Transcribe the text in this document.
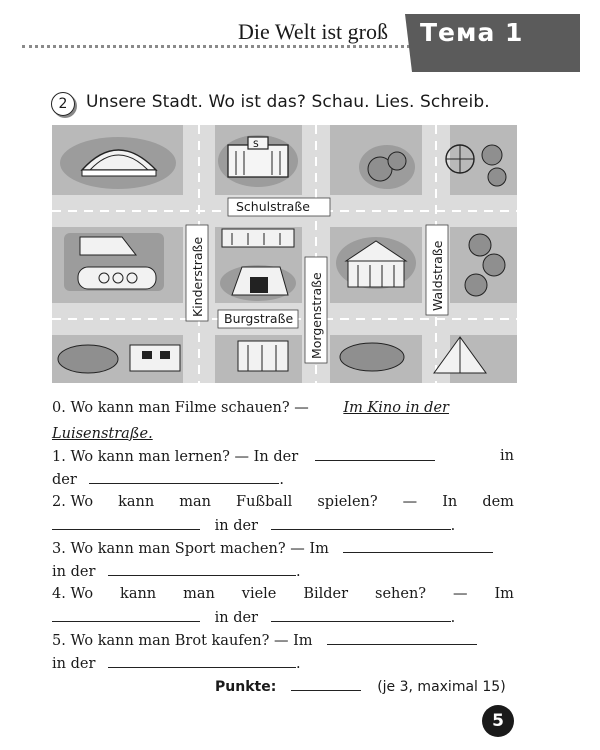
Die Welt ist groß Тема 1
2	Unsere Stadt. Wo ist das? Schau. Lies. Schreib.
S
Schulstraße
Kinderstraße
Burgstraße Morgenstraße	Waldstraße
0. Wo kann man Filme schauen? — Im Kino in der
Luisenstraße.
1. Wo kann man lernen? — In der	in
der	.
2. Wo kann man Fußball spielen? — In dem
in der	.
3. Wo kann man Sport machen? — Im
in der	.
4. Wo kann man viele Bilder sehen? — Im
in der	.
5. Wo kann man Brot kaufen? — Im
in der	.
Punkte:	(je 3, maximal 15)
5
